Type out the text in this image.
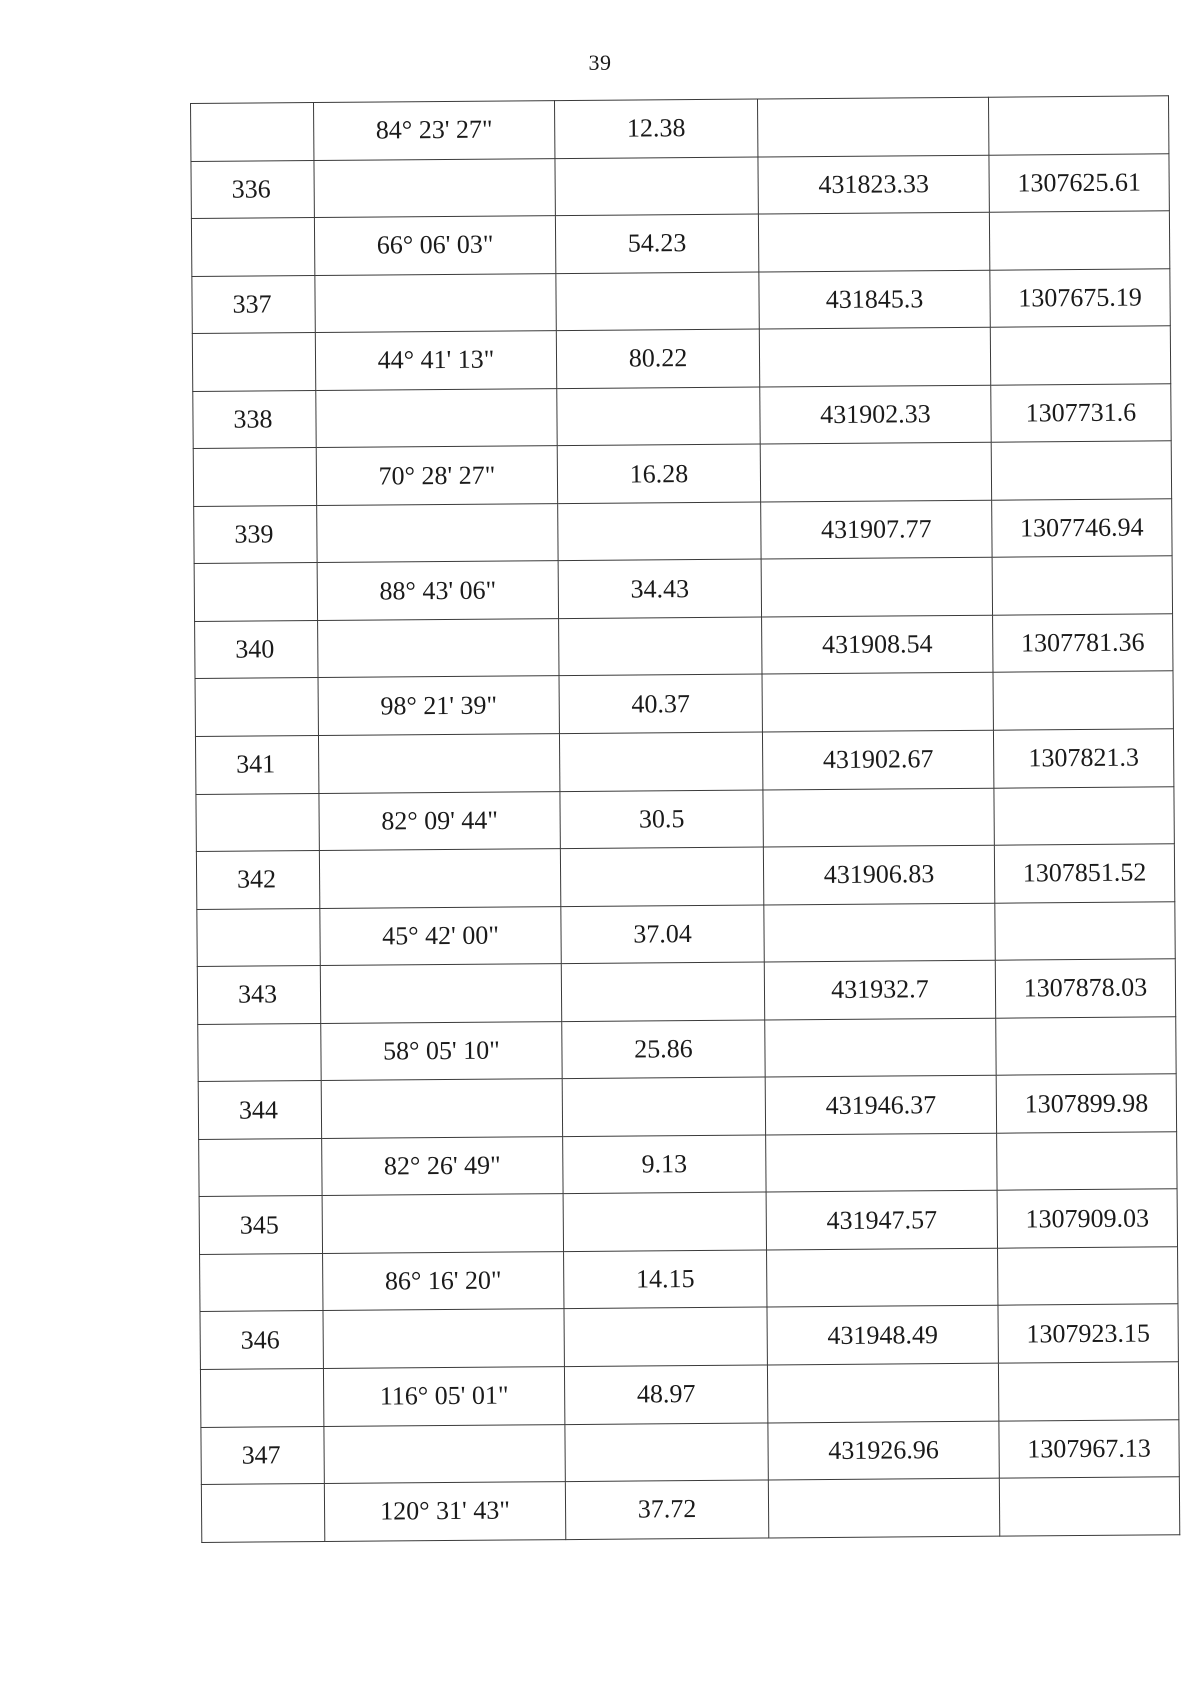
39
	84° 23' 27"	12.38		
336			431823.33	1307625.61
	66° 06' 03"	54.23		
337			431845.3	1307675.19
	44° 41' 13"	80.22		
338			431902.33	1307731.6
	70° 28' 27"	16.28		
339			431907.77	1307746.94
	88° 43' 06"	34.43		
340			431908.54	1307781.36
	98° 21' 39"	40.37		
341			431902.67	1307821.3
	82° 09' 44"	30.5		
342			431906.83	1307851.52
	45° 42' 00"	37.04		
343			431932.7	1307878.03
	58° 05' 10"	25.86		
344			431946.37	1307899.98
	82° 26' 49"	9.13		
345			431947.57	1307909.03
	86° 16' 20"	14.15		
346			431948.49	1307923.15
	116° 05' 01"	48.97		
347			431926.96	1307967.13
	120° 31' 43"	37.72		
